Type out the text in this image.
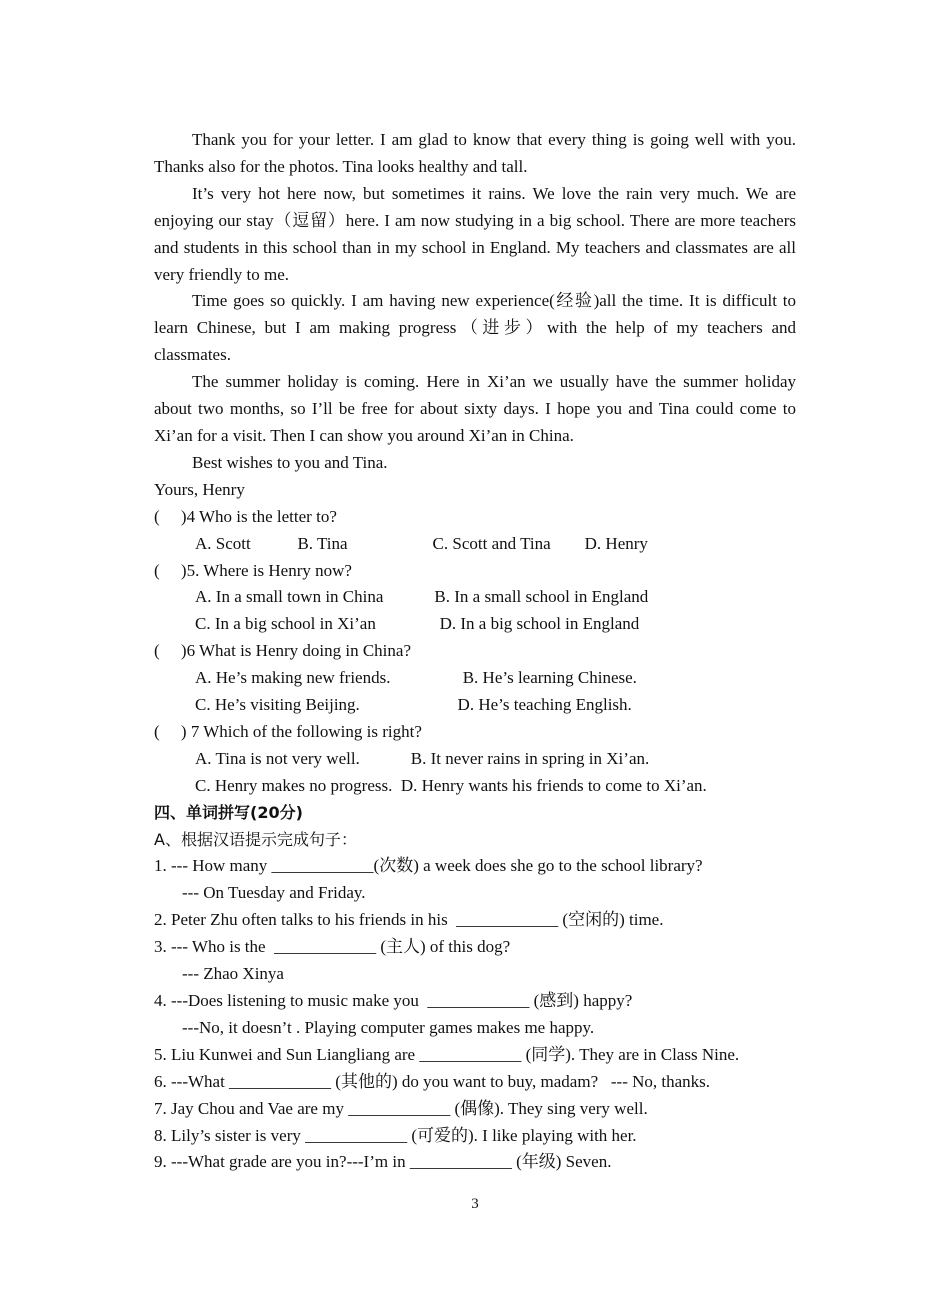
Thank you for your letter. I am glad to know that every thing is going well with you. Thanks also for the photos. Tina looks healthy and tall.

It’s very hot here now, but sometimes it rains. We love the rain very much. We are enjoying our stay（逗留）here. I am now studying in a big school. There are more teachers and students in this school than in my school in England. My teachers and classmates are all very friendly to me.

Time goes so quickly. I am having new experience(经验)all the time. It is difficult to learn Chinese, but I am making progress（进步）with the help of my teachers and classmates.

The summer holiday is coming. Here in Xi’an we usually have the summer holiday about two months, so I’ll be free for about sixty days. I hope you and Tina could come to Xi’an for a visit. Then I can show you around Xi’an in China.

Best wishes to you and Tina.

Yours, Henry

(     )4 Who is the letter to?

A. Scott           B. Tina                    C. Scott and Tina        D. Henry

(     )5. Where is Henry now?

A. In a small town in China            B. In a small school in England

C. In a big school in Xi’an               D. In a big school in England

(     )6 What is Henry doing in China?

A. He’s making new friends.                 B. He’s learning Chinese.

C. He’s visiting Beijing.                       D. He’s teaching English.

(     ) 7 Which of the following is right?

A. Tina is not very well.            B. It never rains in spring in Xi’an.

C. Henry makes no progress.  D. Henry wants his friends to come to Xi’an.

四、单词拼写(20分)

A、根据汉语提示完成句子：

1. --- How many ____________(次数) a week does she go to the school library?

--- On Tuesday and Friday.

2. Peter Zhu often talks to his friends in his  ____________ (空闲的) time.

3. --- Who is the  ____________ (主人) of this dog?

--- Zhao Xinya

4. ---Does listening to music make you  ____________ (感到) happy?

---No, it doesn’t . Playing computer games makes me happy.

5. Liu Kunwei and Sun Liangliang are ____________ (同学). They are in Class Nine.

6. ---What ____________ (其他的) do you want to buy, madam?   --- No, thanks.

7. Jay Chou and Vae are my ____________ (偶像). They sing very well.

8. Lily’s sister is very ____________ (可爱的). I like playing with her.

9. ---What grade are you in?---I’m in ____________ (年级) Seven.

3
